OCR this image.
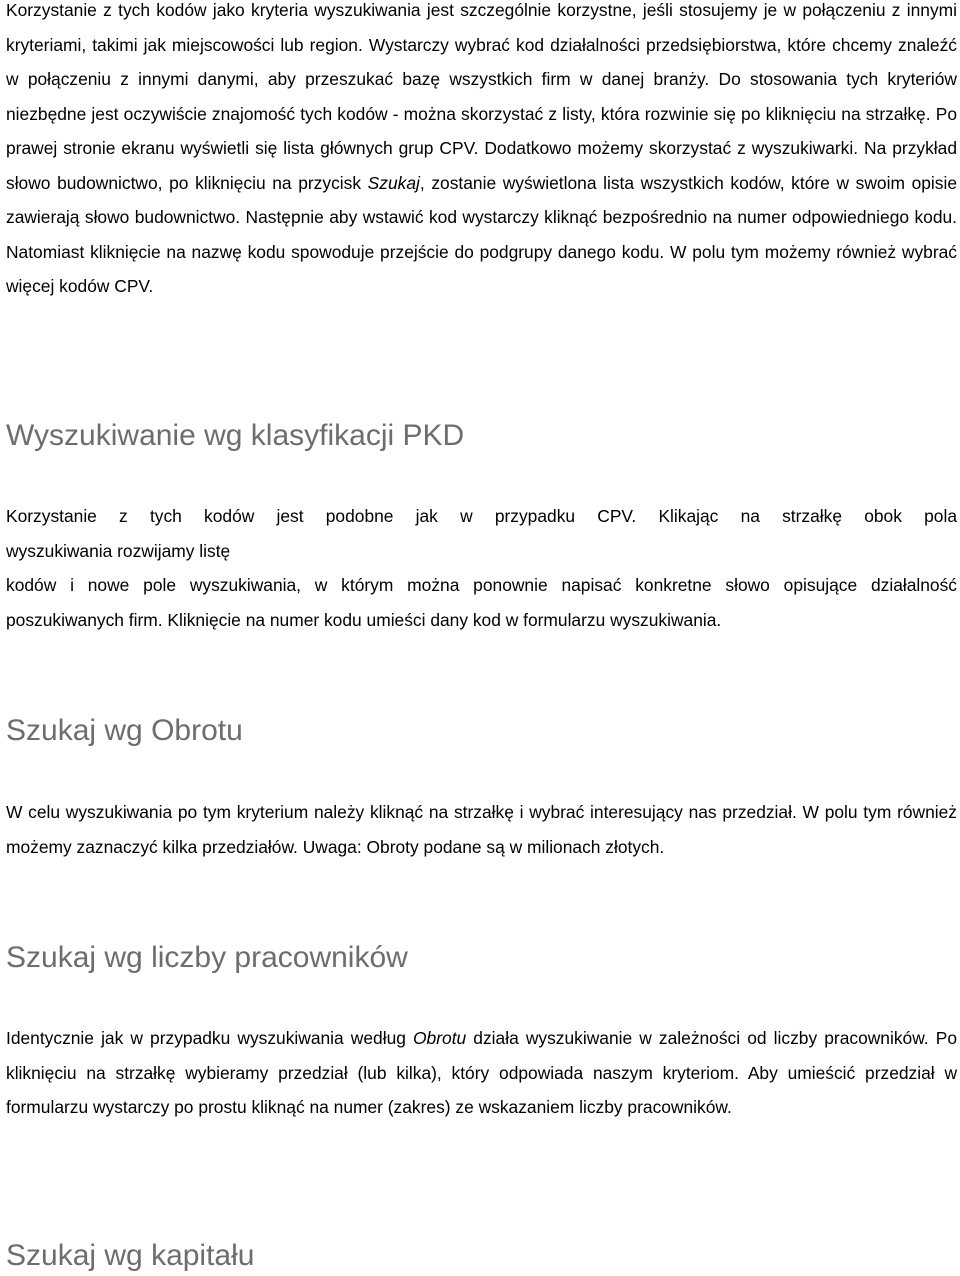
Korzystanie z tych kodów jako kryteria wyszukiwania jest szczególnie korzystne, jeśli stosujemy je w połączeniu z innymi kryteriami, takimi jak miejscowości lub region. Wystarczy wybrać kod działalności przedsiębiorstwa, które chcemy znaleźć w połączeniu z innymi danymi, aby przeszukać bazę wszystkich firm w danej branży. Do stosowania tych kryteriów niezbędne jest oczywiście znajomość tych kodów - można skorzystać z listy, która rozwinie się po kliknięciu na strzałkę. Po prawej stronie ekranu wyświetli się lista głównych grup CPV. Dodatkowo możemy skorzystać z wyszukiwarki. Na przykład słowo budownictwo, po kliknięciu na przycisk Szukaj, zostanie wyświetlona lista wszystkich kodów, które w swoim opisie zawierają słowo budownictwo. Następnie aby wstawić kod wystarczy kliknąć bezpośrednio na numer odpowiedniego kodu. Natomiast kliknięcie na nazwę kodu spowoduje przejście do podgrupy danego kodu. W polu tym możemy również wybrać więcej kodów CPV.

Wyszukiwanie wg klasyfikacji PKD

Korzystanie z tych kodów jest podobne jak w przypadku CPV. Klikając na strzałkę obok pola
wyszukiwania rozwijamy listę
kodów i nowe pole wyszukiwania, w którym można ponownie napisać konkretne słowo opisujące działalność poszukiwanych firm. Kliknięcie na numer kodu umieści dany kod w formularzu wyszukiwania.

Szukaj wg Obrotu

W celu wyszukiwania po tym kryterium należy kliknąć na strzałkę i wybrać interesujący nas przedział. W polu tym również możemy zaznaczyć kilka przedziałów. Uwaga: Obroty podane są w milionach złotych.

Szukaj wg liczby pracowników

Identycznie jak w przypadku wyszukiwania według Obrotu działa wyszukiwanie w zależności od liczby pracowników. Po kliknięciu na strzałkę wybieramy przedział (lub kilka), który odpowiada naszym kryteriom. Aby umieścić przedział w formularzu wystarczy po prostu kliknąć na numer (zakres) ze wskazaniem liczby pracowników.

Szukaj wg kapitału
